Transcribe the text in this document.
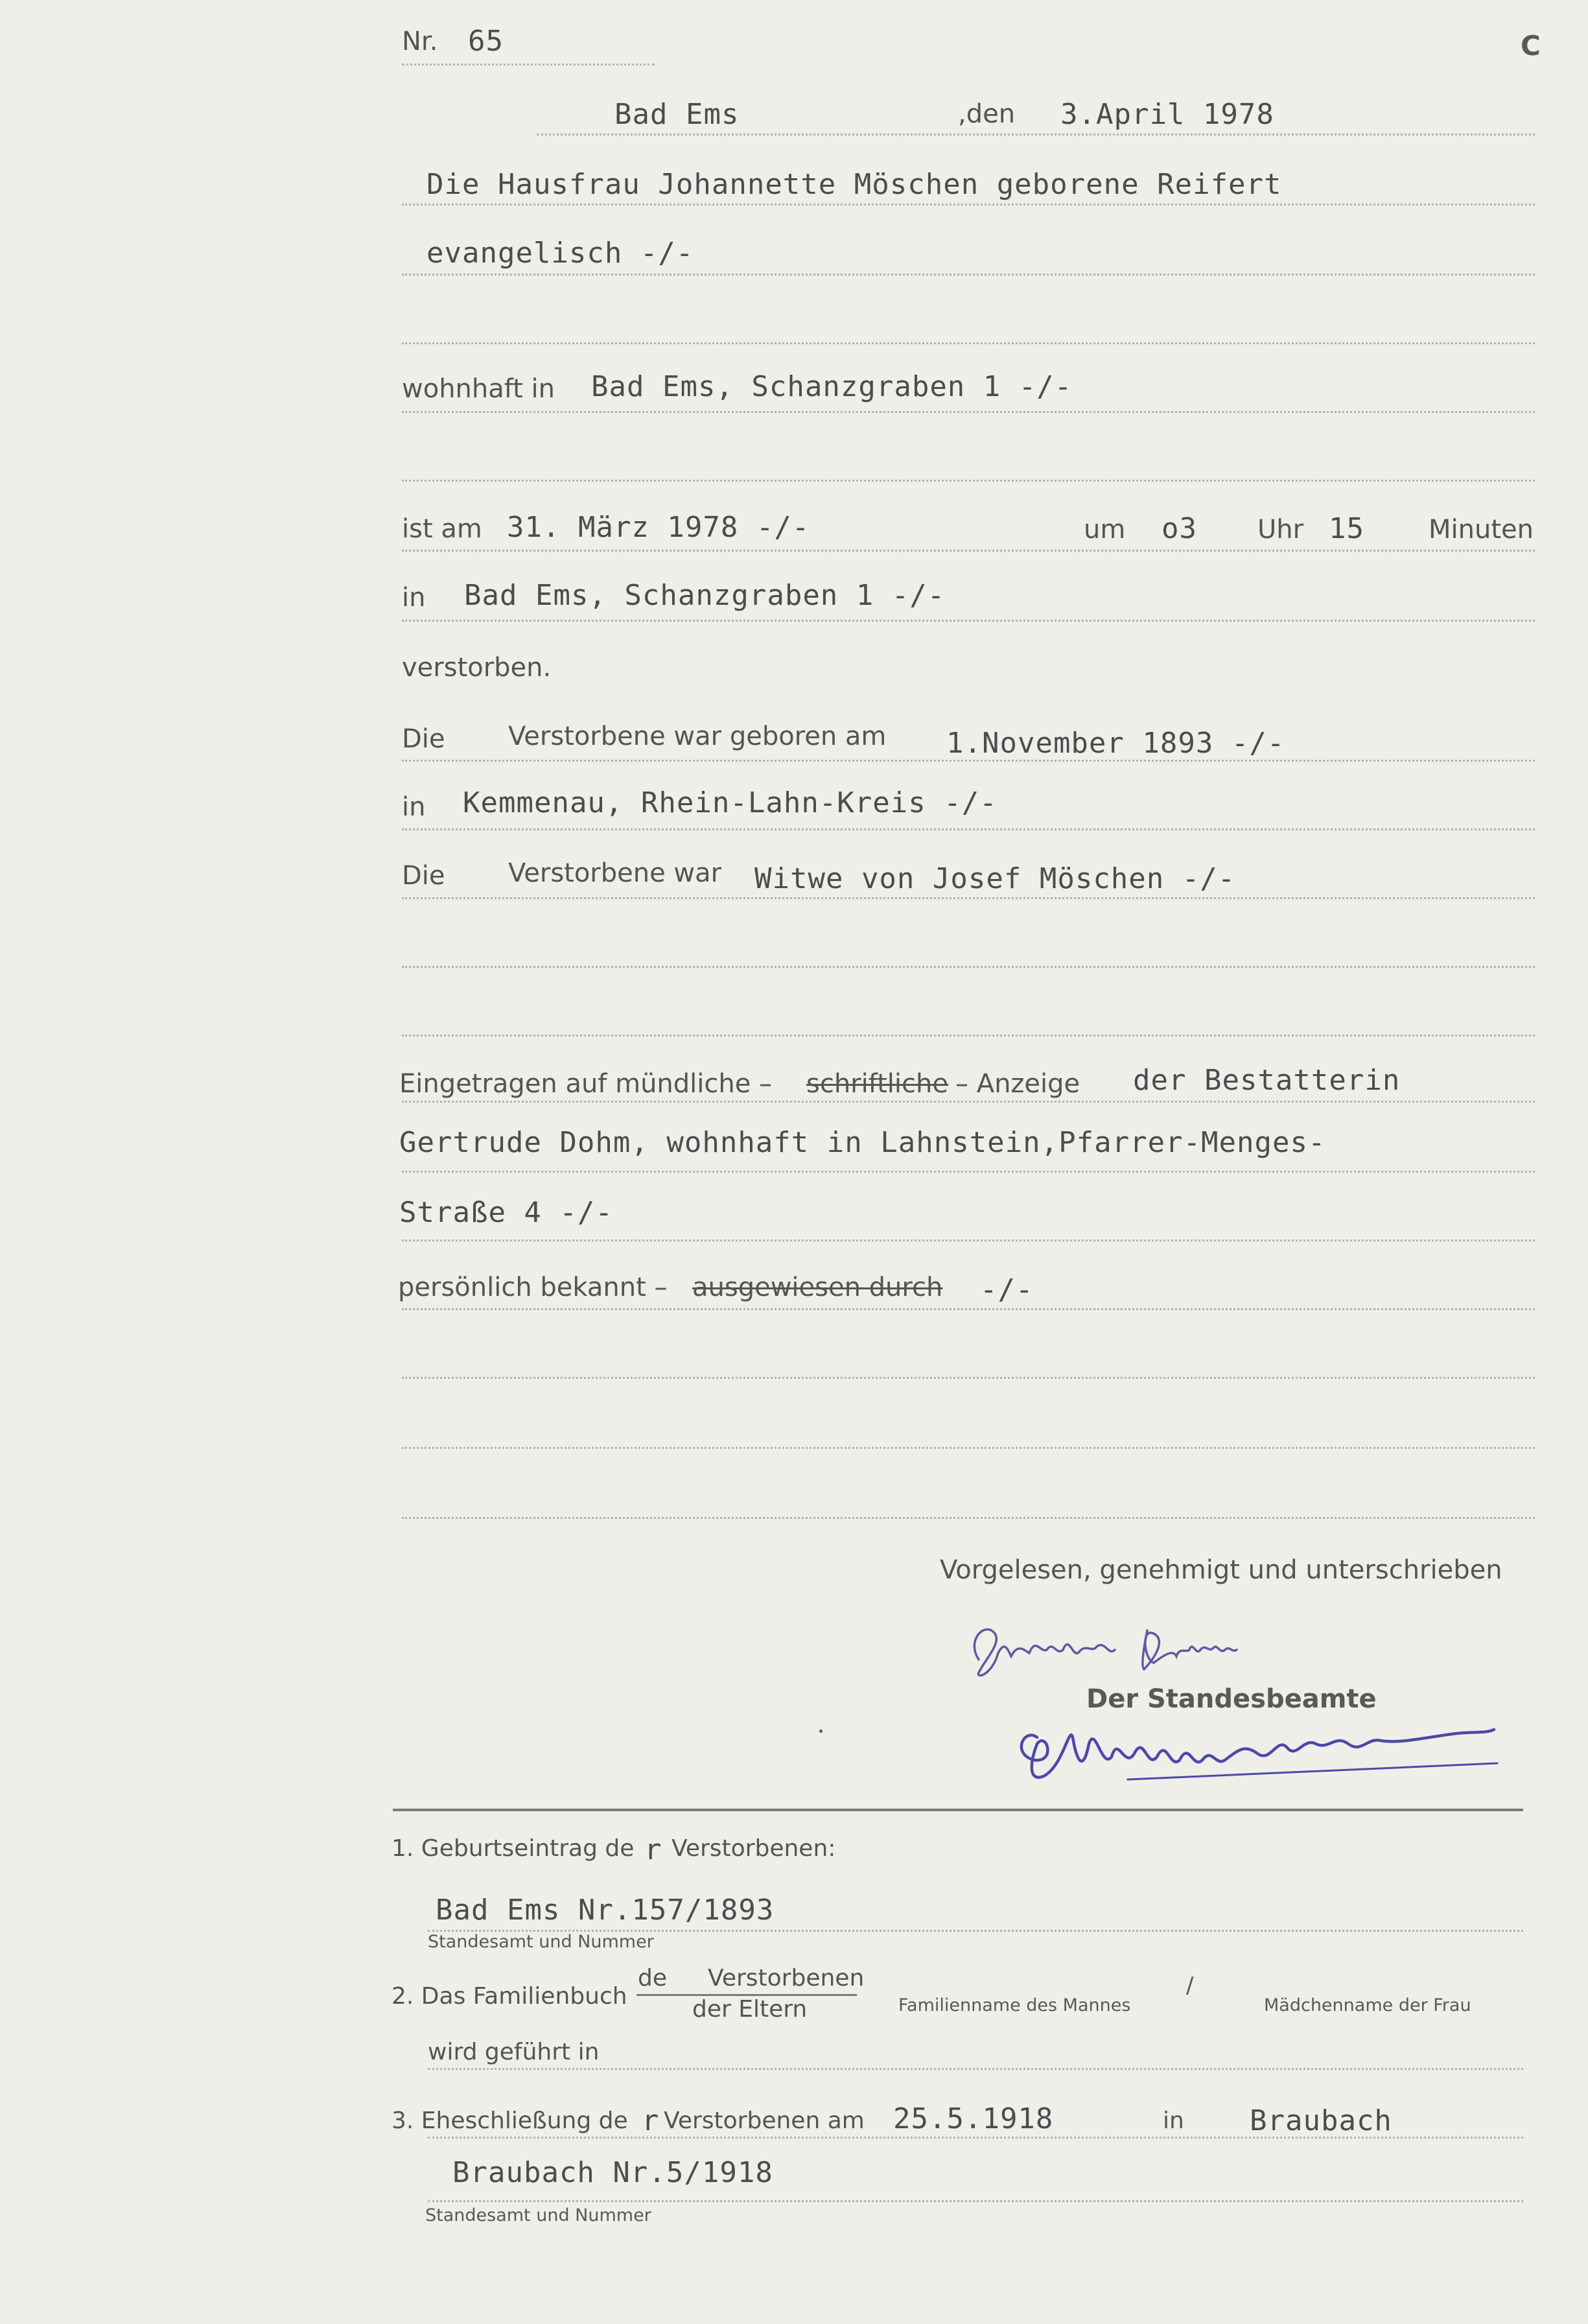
Nr. 65	C
Bad Ems	,den 3.April 1978
Die Hausfrau Johannette Möschen geborene Reifert
evangelisch -/-
wohnhaft in Bad Ems, Schanzgraben 1 -/-
ist am 31. März 1978 -/-	um o3 Uhr 15 Minuten
in Bad Ems, Schanzgraben 1 -/-
verstorben.
Die Verstorbene war geboren am 1.November 1893 -/-
in Kemmenau, Rhein-Lahn-Kreis -/-
Die Verstorbene war Witwe von Josef Möschen -/-
Eingetragen auf mündliche – schriftliche – Anzeige der Bestatterin
Gertrude Dohm, wohnhaft in Lahnstein,Pfarrer-Menges-
Straße 4 -/-
persönlich bekannt – ausgewiesen durch -/-
Vorgelesen, genehmigt und unterschrieben
Der Standesbeamte
1. Geburtseintrag de r Verstorbenen:
Bad Ems Nr.157/1893
Standesamt und Nummer
2. Das Familienbuch
de Verstorbenen
der Eltern	Familienname des Mannes
/
Mädchenname der Frau
wird geführt in
3. Eheschließung de r Verstorbenen am 25.5.1918	in Braubach
Braubach Nr.5/1918
Standesamt und Nummer
